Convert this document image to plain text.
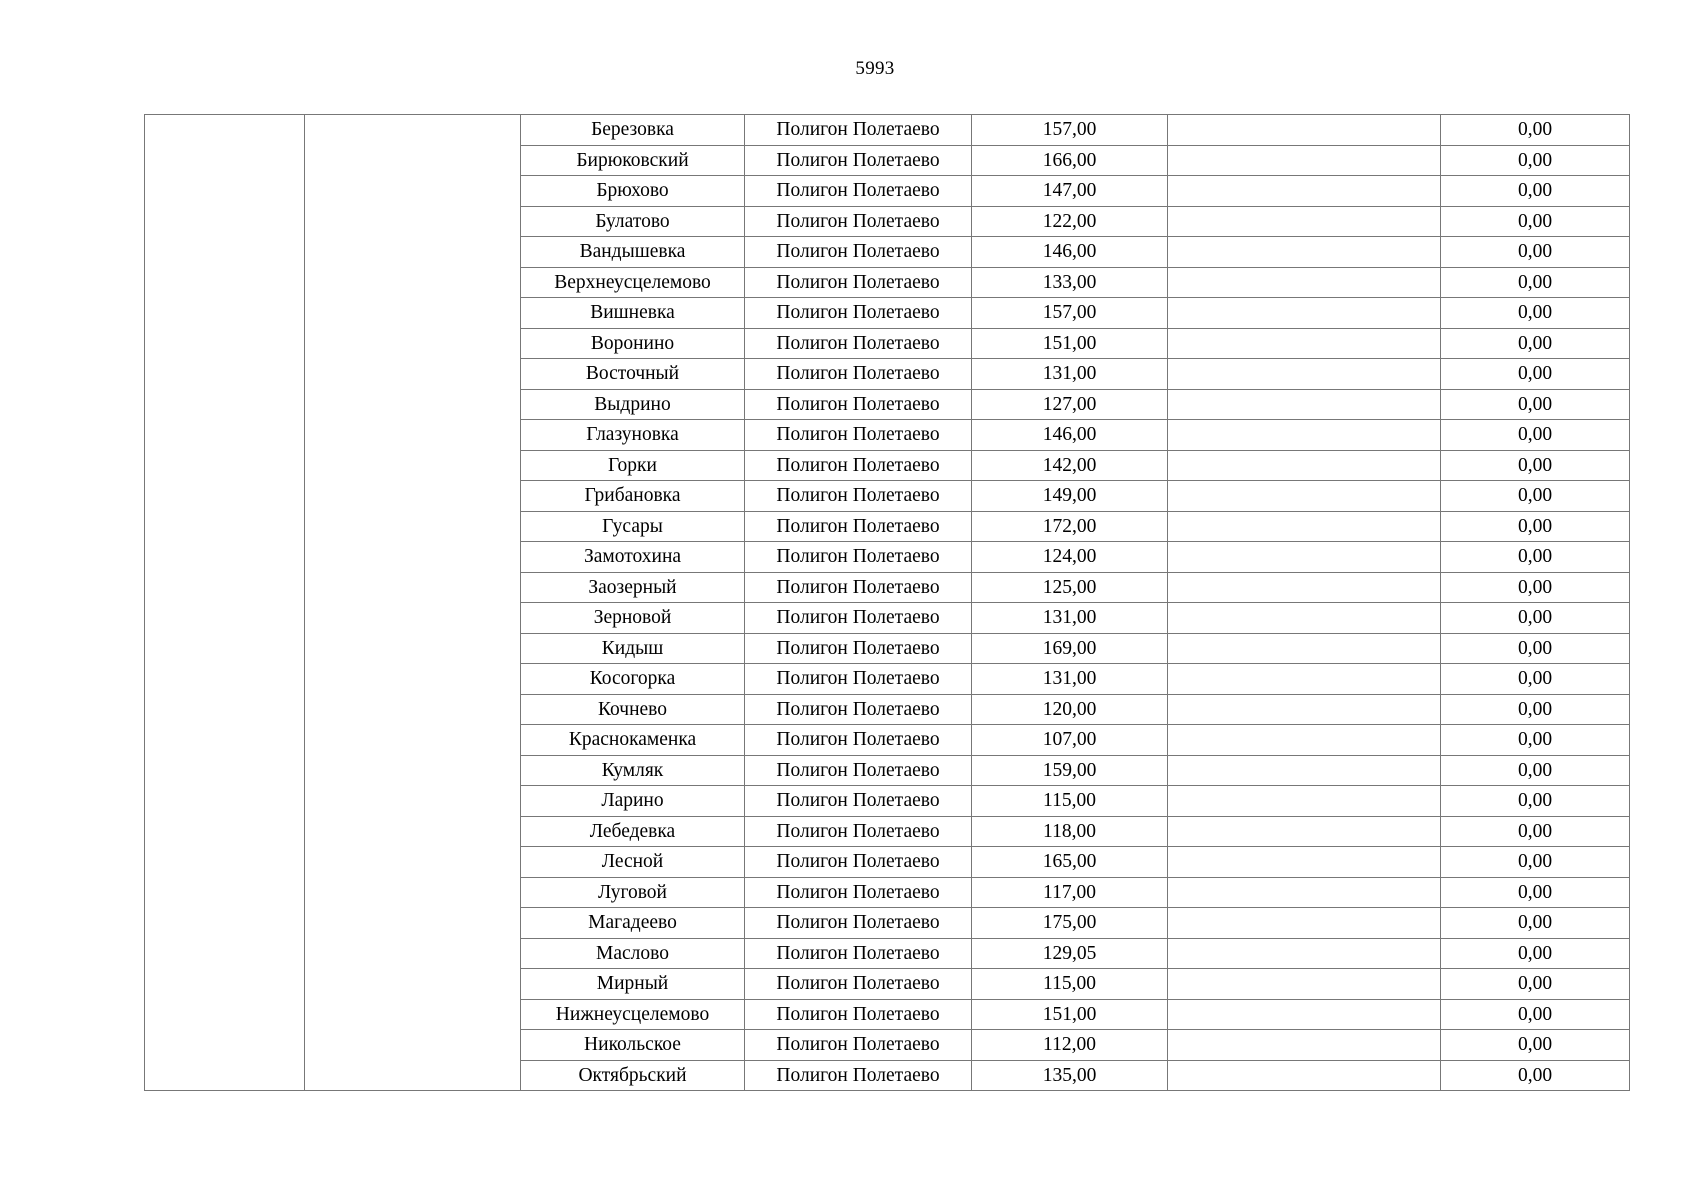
5993
		Березовка	Полигон Полетаево	157,00		0,00
		Бирюковский	Полигон Полетаево	166,00		0,00
		Брюхово	Полигон Полетаево	147,00		0,00
		Булатово	Полигон Полетаево	122,00		0,00
		Вандышевка	Полигон Полетаево	146,00		0,00
		Верхнеусцелемово	Полигон Полетаево	133,00		0,00
		Вишневка	Полигон Полетаево	157,00		0,00
		Воронино	Полигон Полетаево	151,00		0,00
		Восточный	Полигон Полетаево	131,00		0,00
		Выдрино	Полигон Полетаево	127,00		0,00
		Глазуновка	Полигон Полетаево	146,00		0,00
		Горки	Полигон Полетаево	142,00		0,00
		Грибановка	Полигон Полетаево	149,00		0,00
		Гусары	Полигон Полетаево	172,00		0,00
		Замотохина	Полигон Полетаево	124,00		0,00
		Заозерный	Полигон Полетаево	125,00		0,00
		Зерновой	Полигон Полетаево	131,00		0,00
		Кидыш	Полигон Полетаево	169,00		0,00
		Косогорка	Полигон Полетаево	131,00		0,00
		Кочнево	Полигон Полетаево	120,00		0,00
		Краснокаменка	Полигон Полетаево	107,00		0,00
		Кумляк	Полигон Полетаево	159,00		0,00
		Ларино	Полигон Полетаево	115,00		0,00
		Лебедевка	Полигон Полетаево	118,00		0,00
		Лесной	Полигон Полетаево	165,00		0,00
		Луговой	Полигон Полетаево	117,00		0,00
		Магадеево	Полигон Полетаево	175,00		0,00
		Маслово	Полигон Полетаево	129,05		0,00
		Мирный	Полигон Полетаево	115,00		0,00
		Нижнеусцелемово	Полигон Полетаево	151,00		0,00
		Никольское	Полигон Полетаево	112,00		0,00
		Октябрьский	Полигон Полетаево	135,00		0,00
